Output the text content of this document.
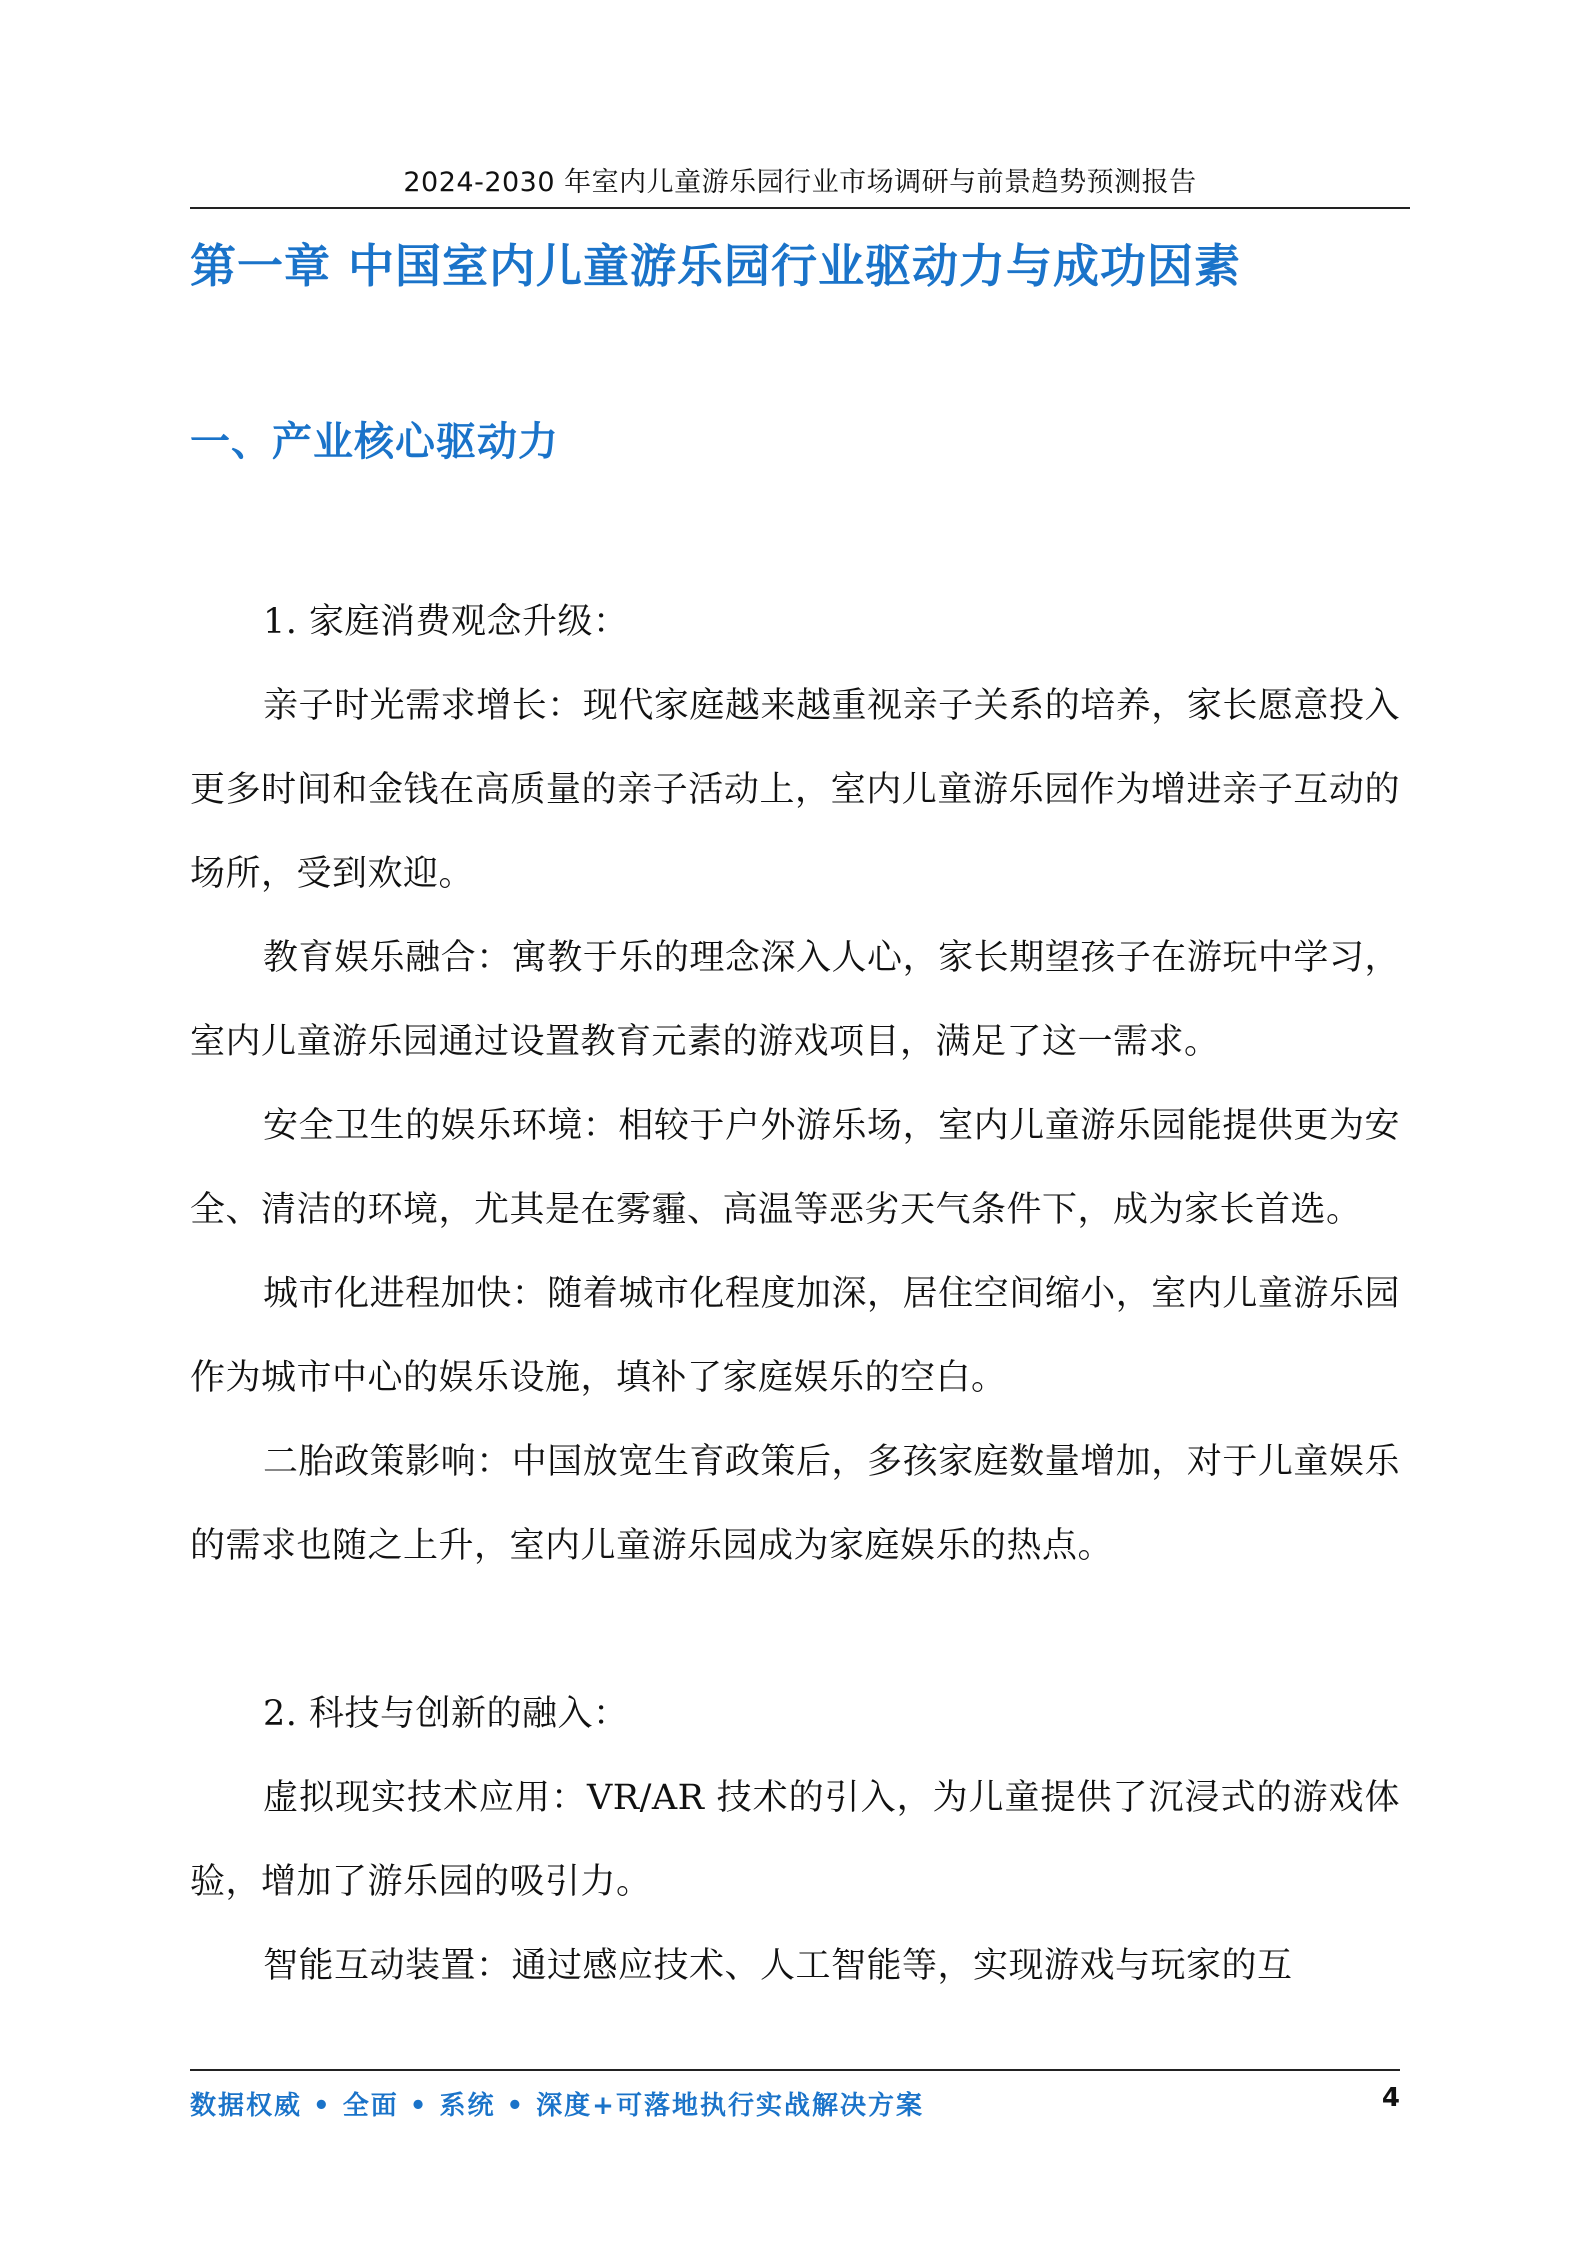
2024-2030 年室内儿童游乐园行业市场调研与前景趋势预测报告
第一章 中国室内儿童游乐园行业驱动力与成功因素
一、产业核心驱动力

1. 家庭消费观念升级：

亲子时光需求增长：现代家庭越来越重视亲子关系的培养，家长愿意投入更多时间和金钱在高质量的亲子活动上，室内儿童游乐园作为增进亲子互动的场所，受到欢迎。

教育娱乐融合：寓教于乐的理念深入人心，家长期望孩子在游玩中学习，室内儿童游乐园通过设置教育元素的游戏项目，满足了这一需求。

安全卫生的娱乐环境：相较于户外游乐场，室内儿童游乐园能提供更为安全、清洁的环境，尤其是在雾霾、高温等恶劣天气条件下，成为家长首选。

城市化进程加快：随着城市化程度加深，居住空间缩小，室内儿童游乐园作为城市中心的娱乐设施，填补了家庭娱乐的空白。

二胎政策影响：中国放宽生育政策后，多孩家庭数量增加，对于儿童娱乐的需求也随之上升，室内儿童游乐园成为家庭娱乐的热点。

2. 科技与创新的融入：

虚拟现实技术应用：VR/AR 技术的引入，为儿童提供了沉浸式的游戏体验，增加了游乐园的吸引力。

智能互动装置：通过感应技术、人工智能等，实现游戏与玩家的互

数据权威 • 全面 • 系统 • 深度+可落地执行实战解决方案	4
